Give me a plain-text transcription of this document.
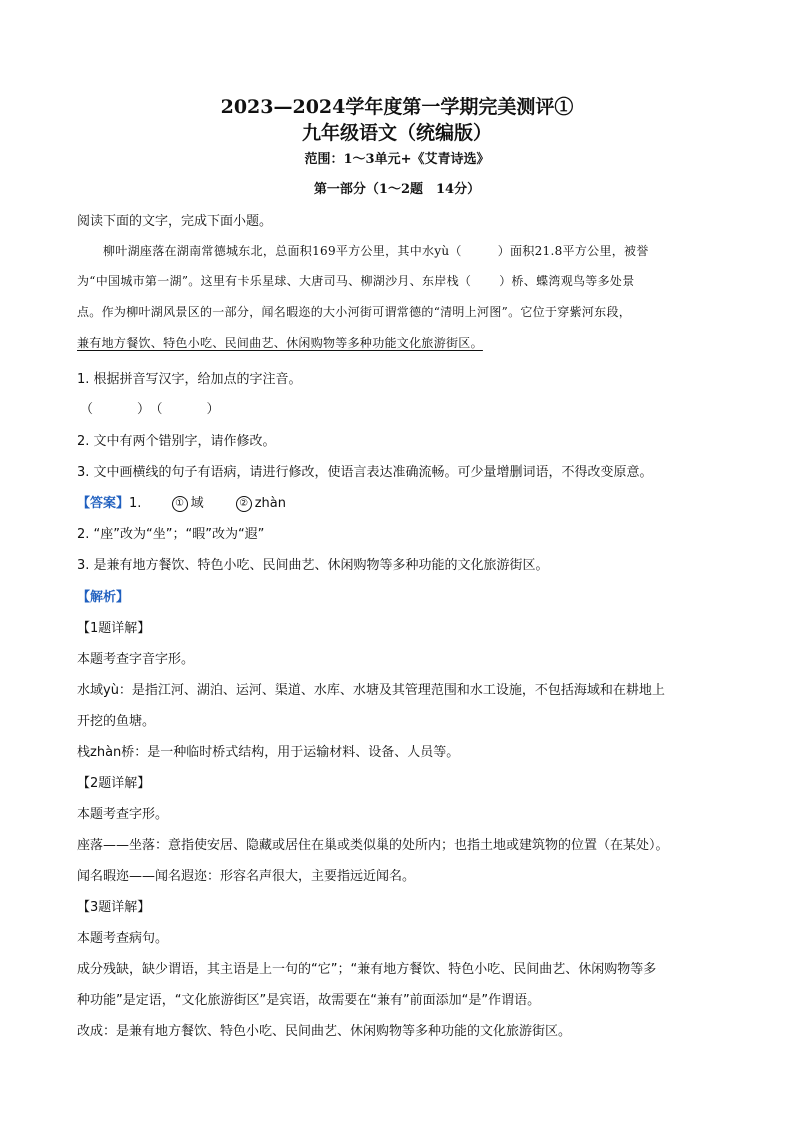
2023—2024学年度第一学期完美测评①
九年级语文（统编版）
范围：1～3单元+《艾青诗选》
第一部分（1～2题　14分）
阅读下面的文字，完成下面小题。
柳叶湖座落在湖南常德城东北，总面积169平方公里，其中水yù（	）面积21.8平方公里，被誉
为“中国城市第一湖”。这里有卡乐星球、大唐司马、柳湖沙月、东岸栈（ ）桥、蝶湾观鸟等多处景
点。作为柳叶湖风景区的一部分，闻名暇迩的大小河街可谓常德的“清明上河图”。它位于穿紫河东段，
兼有地方餐饮、特色小吃、民间曲艺、休闲购物等多种功能文化旅游街区。
1. 根据拼音写汉字，给加点的字注音。
（　　）（　　）
2. 文中有两个错别字，请作修改。
3. 文中画横线的句子有语病，请进行修改，使语言表达准确流畅。可少量增删词语，不得改变原意。
【答案】1.	① 域	② zhàn
2. “座”改为“坐”；“暇”改为“遐”
3. 是兼有地方餐饮、特色小吃、民间曲艺、休闲购物等多种功能的文化旅游街区。
【解析】
【1题详解】
本题考查字音字形。
水域yù：是指江河、湖泊、运河、渠道、水库、水塘及其管理范围和水工设施，不包括海域和在耕地上
开挖的鱼塘。
栈zhàn桥：是一种临时桥式结构，用于运输材料、设备、人员等。
【2题详解】
本题考查字形。
座落——坐落：意指使安居、隐藏或居住在巢或类似巢的处所内；也指土地或建筑物的位置（在某处）。
闻名暇迩——闻名遐迩：形容名声很大，主要指远近闻名。
【3题详解】
本题考查病句。
成分残缺，缺少谓语，其主语是上一句的“它”；“兼有地方餐饮、特色小吃、民间曲艺、休闲购物等多
种功能”是定语，“文化旅游街区”是宾语，故需要在“兼有”前面添加“是”作谓语。
改成：是兼有地方餐饮、特色小吃、民间曲艺、休闲购物等多种功能的文化旅游街区。
